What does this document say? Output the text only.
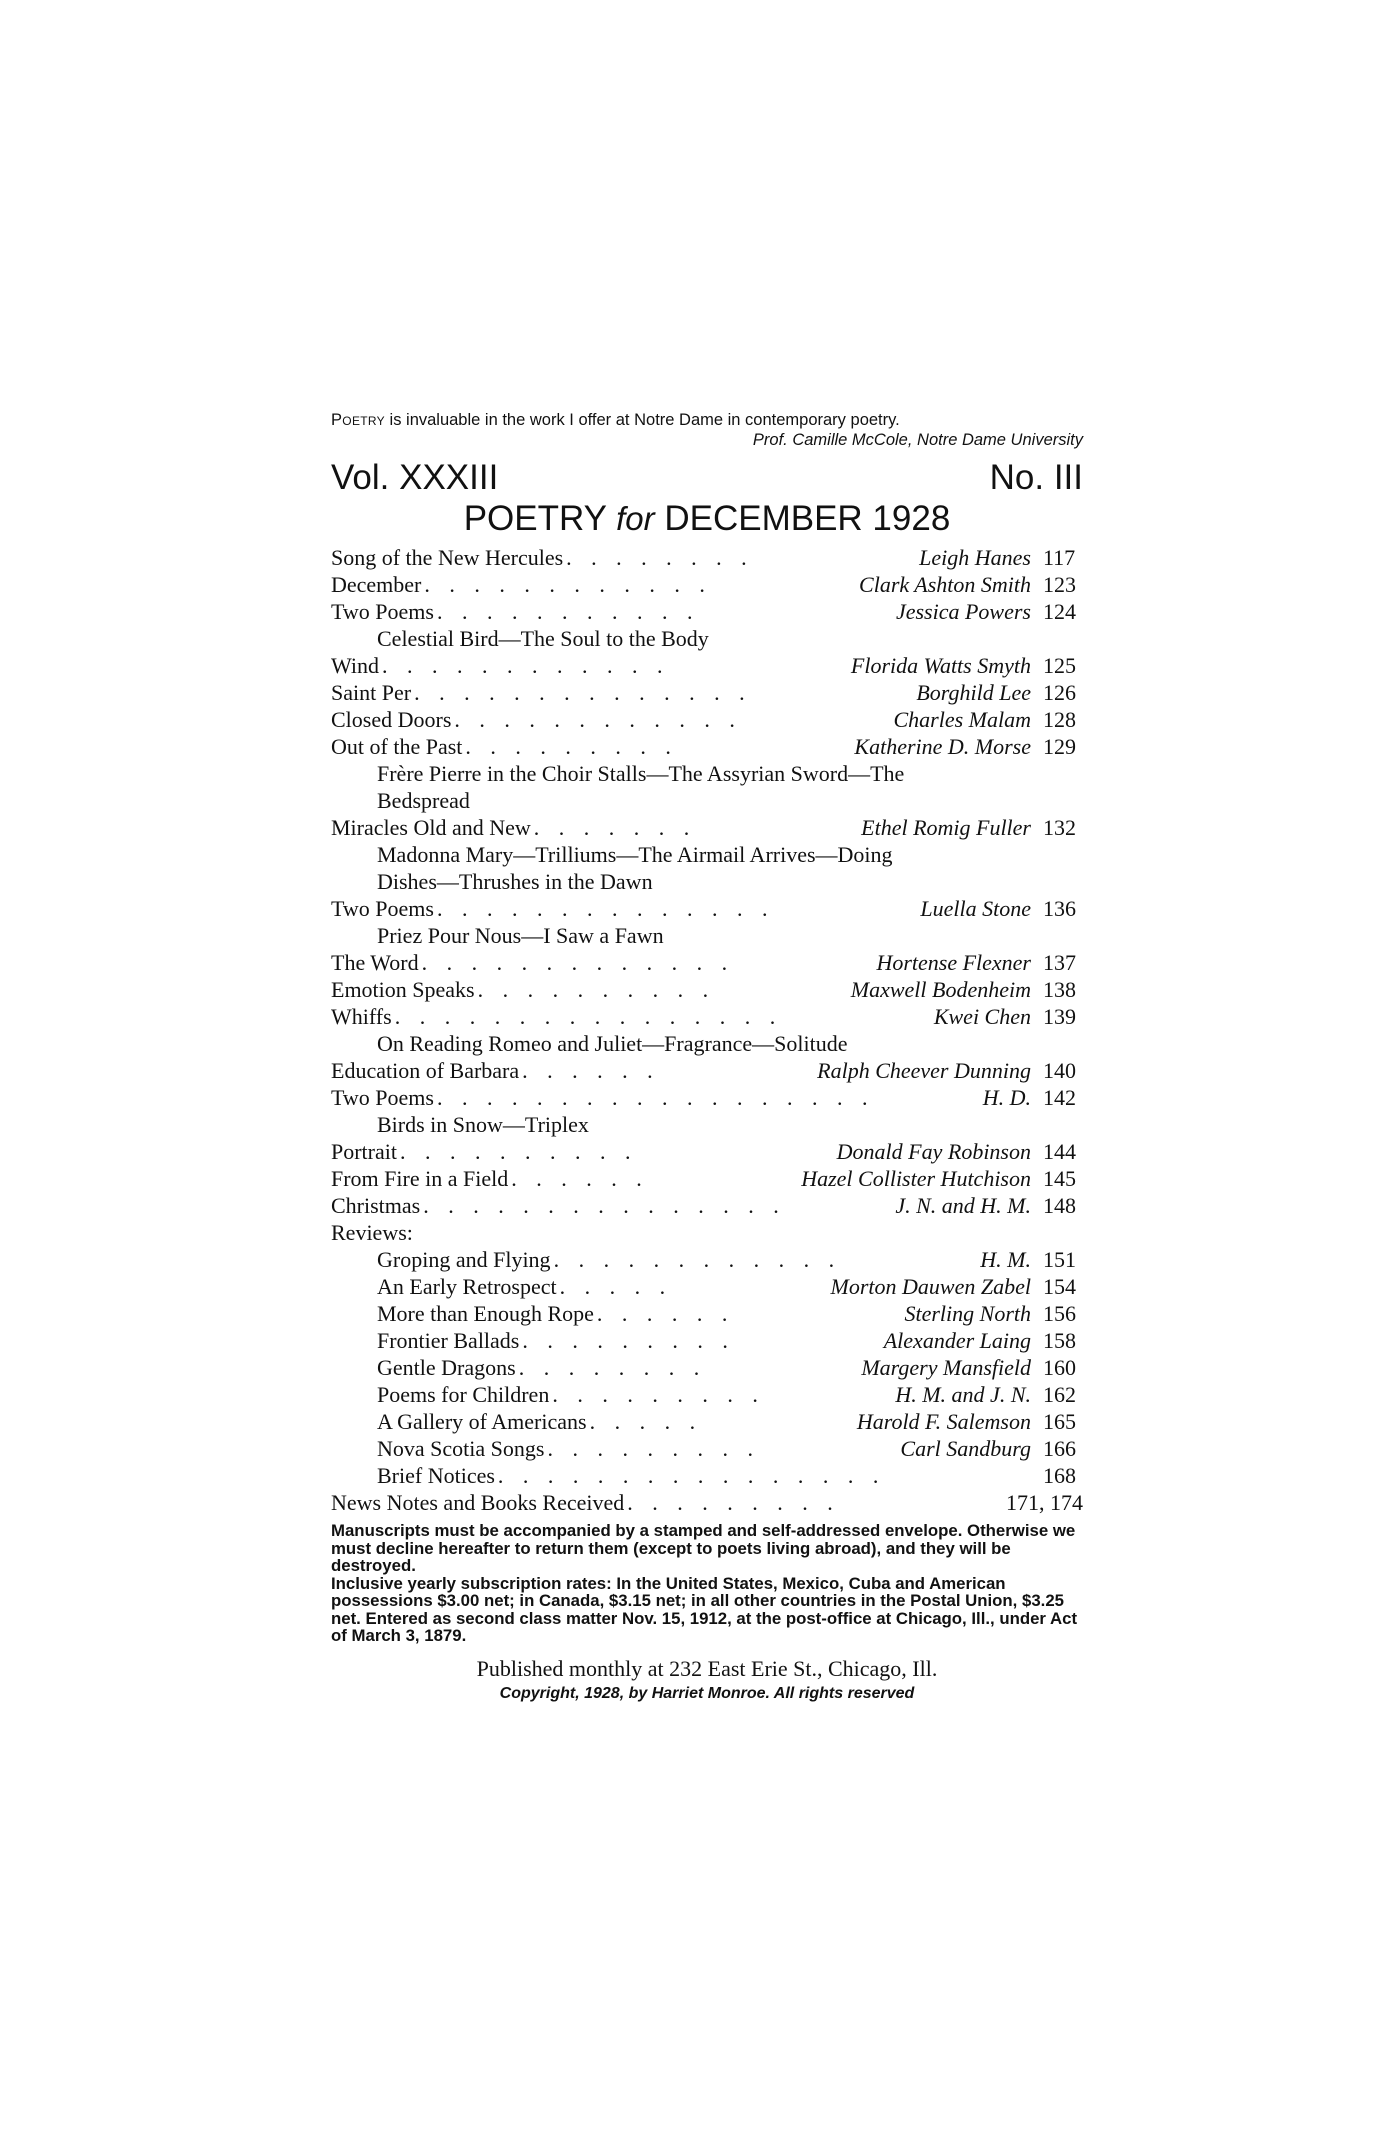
Poetry is invaluable in the work I offer at Notre Dame in contemporary poetry.
Prof. Camille McCole, Notre Dame University
Vol. XXXIII	No. III
POETRY for DECEMBER 1928
Song of the New Hercules . . . . . . . .	Leigh Hanes 117
December . . . . . . . . . . . .	Clark Ashton Smith 123
Two Poems . . . . . . . . . . .	Jessica Powers 124
Celestial Bird—The Soul to the Body
Wind . . . . . . . . . . . .	Florida Watts Smyth 125
Saint Per . . . . . . . . . . . . . .	Borghild Lee 126
Closed Doors . . . . . . . . . . . .	Charles Malam 128
Out of the Past . . . . . . . . .	Katherine D. Morse 129
Frère Pierre in the Choir Stalls—The Assyrian Sword—The
Bedspread
Miracles Old and New . . . . . . .	Ethel Romig Fuller 132
Madonna Mary—Trilliums—The Airmail Arrives—Doing
Dishes—Thrushes in the Dawn
Two Poems . . . . . . . . . . . . . .	Luella Stone 136
Priez Pour Nous—I Saw a Fawn
The Word . . . . . . . . . . . . .	Hortense Flexner 137
Emotion Speaks . . . . . . . . . .	Maxwell Bodenheim 138
Whiffs . . . . . . . . . . . . . . . .	Kwei Chen 139
On Reading Romeo and Juliet—Fragrance—Solitude
Education of Barbara . . . . . .	Ralph Cheever Dunning 140
Two Poems . . . . . . . . . . . . . . . . . .	H. D. 142
Birds in Snow—Triplex
Portrait . . . . . . . . . .	Donald Fay Robinson 144
From Fire in a Field . . . . . .	Hazel Collister Hutchison 145
Christmas . . . . . . . . . . . . . . .	J. N. and H. M. 148
Reviews:
Groping and Flying . . . . . . . . . . . .	H. M. 151
An Early Retrospect . . . . .	Morton Dauwen Zabel 154
More than Enough Rope . . . . . .	Sterling North 156
Frontier Ballads . . . . . . . . .	Alexander Laing 158
Gentle Dragons . . . . . . . .	Margery Mansfield 160
Poems for Children . . . . . . . . .	H. M. and J. N. 162
A Gallery of Americans . . . . .	Harold F. Salemson 165
Nova Scotia Songs . . . . . . . . .	Carl Sandburg 166
Brief Notices . . . . . . . . . . . . . . . .	168
News Notes and Books Received . . . . . . . . .	171, 174

Manuscripts must be accompanied by a stamped and self-addressed envelope. Otherwise we must decline hereafter to return them (except to poets living abroad), and they will be destroyed.

Inclusive yearly subscription rates: In the United States, Mexico, Cuba and American possessions $3.00 net; in Canada, $3.15 net; in all other countries in the Postal Union, $3.25 net. Entered as second class matter Nov. 15, 1912, at the post-office at Chicago, Ill., under Act of March 3, 1879.

Published monthly at 232 East Erie St., Chicago, Ill.
Copyright, 1928, by Harriet Monroe. All rights reserved
